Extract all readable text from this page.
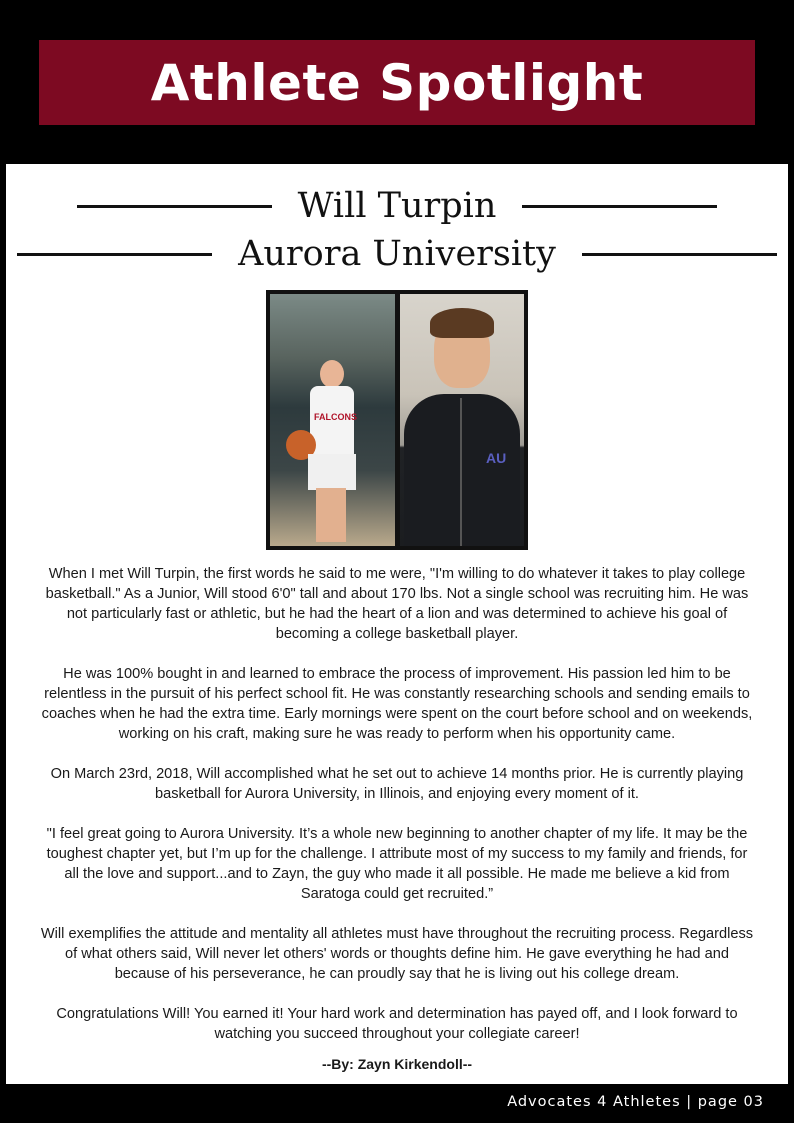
Athlete Spotlight
Will Turpin
Aurora University
FALCONS
AU

When I met Will Turpin, the first words he said to me were, "I'm willing to do whatever it takes to play college basketball." As a Junior, Will stood 6'0" tall and about 170 lbs. Not a single school was recruiting him. He was not particularly fast or athletic, but he had the heart of a lion and was determined to achieve his goal of becoming a college basketball player.

He was 100% bought in and learned to embrace the process of improvement. His passion led him to be relentless in the pursuit of his perfect school fit. He was constantly researching schools and sending emails to coaches when he had the extra time. Early mornings were spent on the court before school and on weekends, working on his craft, making sure he was ready to perform when his opportunity came.

On March 23rd, 2018, Will accomplished what he set out to achieve 14 months prior. He is currently playing basketball for Aurora University, in Illinois, and enjoying every moment of it.

"I feel great going to Aurora University. It’s a whole new beginning to another chapter of my life. It may be the toughest chapter yet, but I’m up for the challenge. I attribute most of my success to my family and friends, for all the love and support...and to Zayn, the guy who made it all possible. He made me believe a kid from Saratoga could get recruited.”

Will exemplifies the attitude and mentality all athletes must have throughout the recruiting process. Regardless of what others said, Will never let others' words or thoughts define him. He gave everything he had and because of his perseverance, he can proudly say that he is living out his college dream.

Congratulations Will! You earned it! Your hard work and determination has payed off, and I look forward to watching you succeed throughout your collegiate career!

--By: Zayn Kirkendoll--
Advocates 4 Athletes | page 03
